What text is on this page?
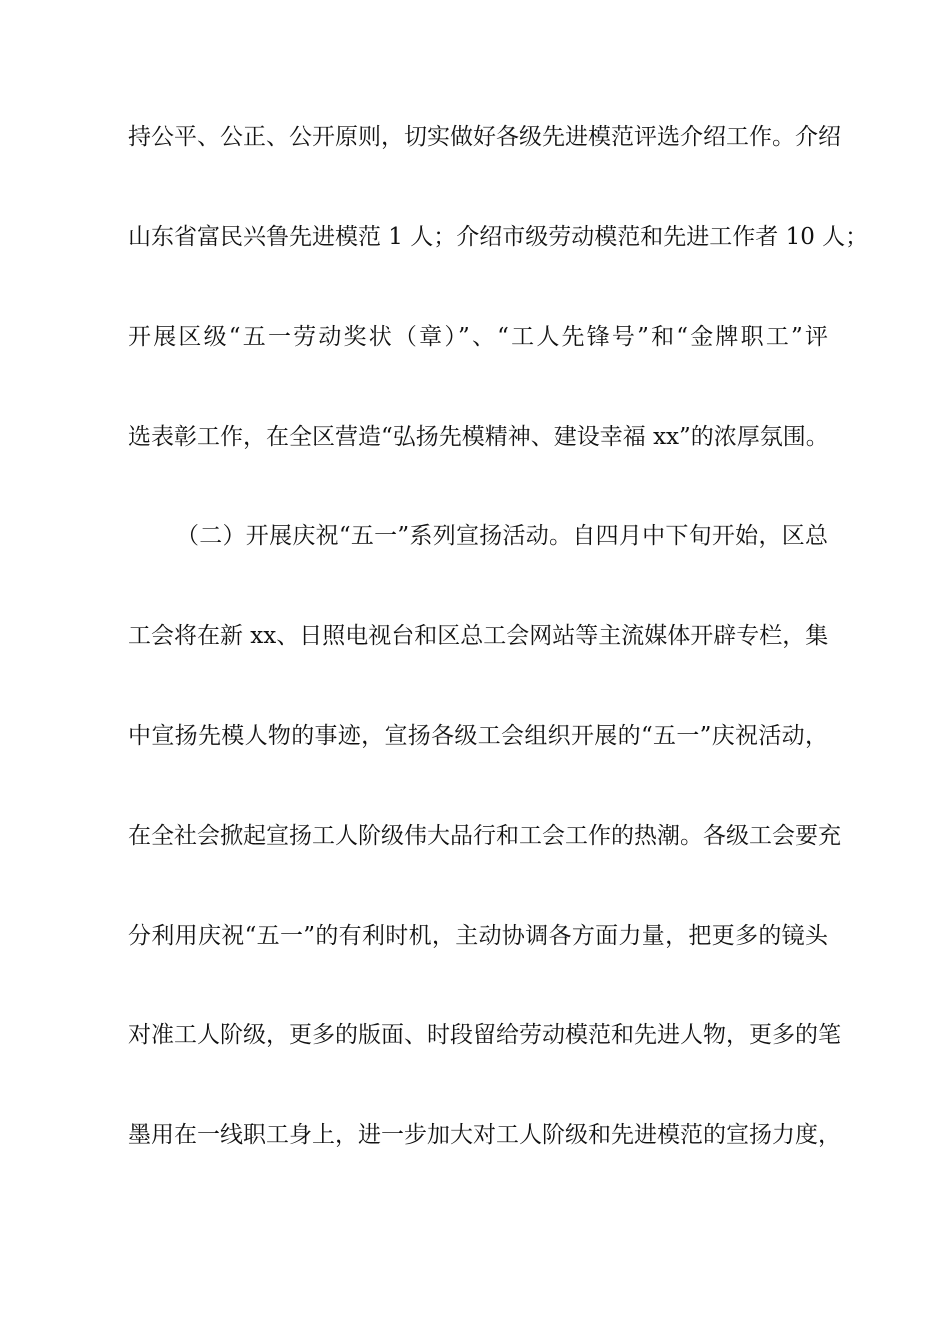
持公平、公正、公开原则，切实做好各级先进模范评选介绍工作。介绍
山东省富民兴鲁先进模范 1 人；介绍市级劳动模范和先进工作者 10 人；
开展区级“五一劳动奖状（章）”、“工人先锋号”和“金牌职工”评
选表彰工作，在全区营造“弘扬先模精神、建设幸福 xx”的浓厚氛围。
（二）开展庆祝“五一”系列宣扬活动。自四月中下旬开始，区总
工会将在新 xx、日照电视台和区总工会网站等主流媒体开辟专栏，集
中宣扬先模人物的事迹，宣扬各级工会组织开展的“五一”庆祝活动，
在全社会掀起宣扬工人阶级伟大品行和工会工作的热潮。各级工会要充
分利用庆祝“五一”的有利时机，主动协调各方面力量，把更多的镜头
对准工人阶级，更多的版面、时段留给劳动模范和先进人物，更多的笔
墨用在一线职工身上，进一步加大对工人阶级和先进模范的宣扬力度，
